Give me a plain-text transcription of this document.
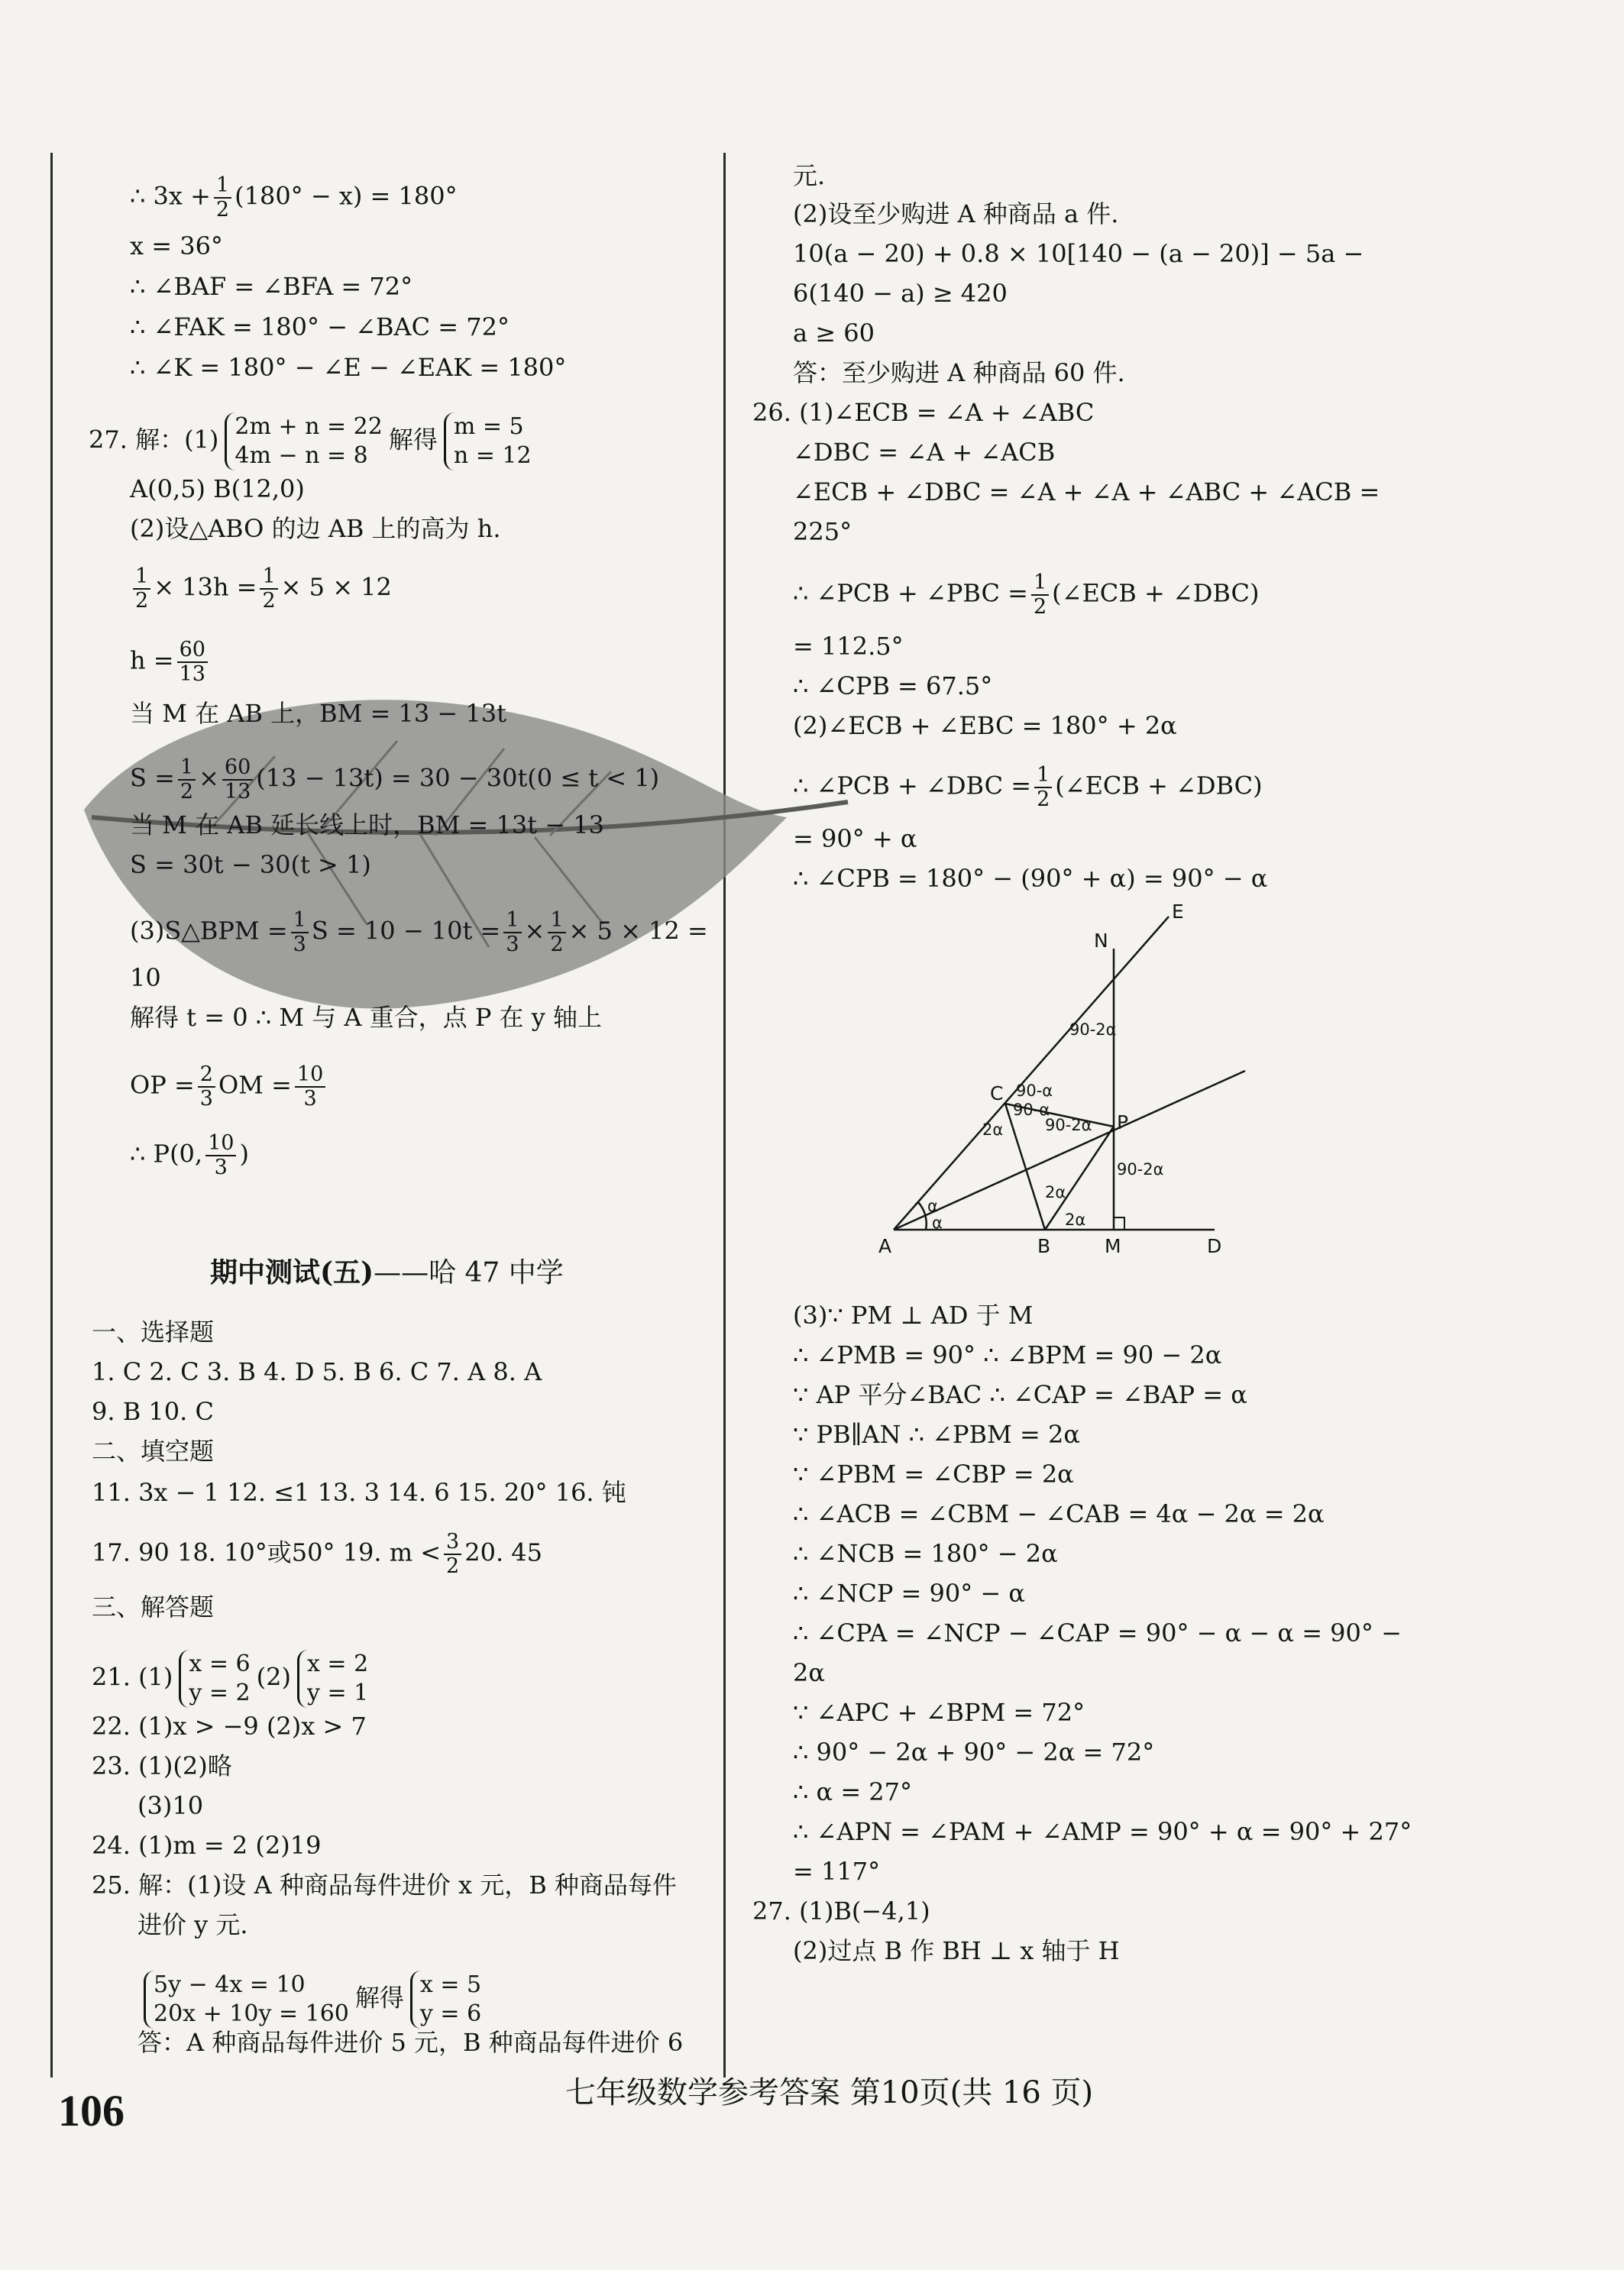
∴ $3x + \frac{1}{2} (180^\circ - x) = 180^\circ$
x = 36°
∴ ∠BAF = ∠BFA = 72°
∴ ∠FAK = 180° − ∠BAC = 72°
∴ ∠K = 180° − ∠E − ∠EAK = 180°
27. 解：(1) 2m + n = 22
4m − n = 8
解得 m = 5
n = 12
A(0,5) B(12,0)
(2)设△ABO 的边 AB 上的高为 h.
$\frac{1}{2} \times 13h = \frac{1}{2} \times 5 \times 12$
$h = \frac{60}{13}$
当 M 在 AB 上，BM = 13 − 13t
$S = \frac{1}{2} \times \frac{60}{13} (13 - 13t) = 30 - 30t(0 \le t < 1)$
当 M 在 AB 延长线上时，BM = 13t − 13
S = 30t − 30(t > 1)
(3)S△BPM = $\frac{1}{3}$ $S = 10 - 10t = \frac{1}{3} \times \frac{1}{2} \times 5 \times 12$ =
10
解得 t = 0 ∴ M 与 A 重合，点 P 在 y 轴上
OP = $\frac{2}{3}$ OM = $\frac{10}{3}$
∴ P(0, $\frac{10}{3}$ )
期中测试(五)——哈 47 中学
一、选择题
1. C 2. C 3. B 4. D 5. B 6. C 7. A 8. A
9. B 10. C
二、填空题
11. 3x − 1 12. ≤1 13. 3 14. 6 15. 20° 16. 钝
17. 90 18. 10°或50° 19. $m < \frac{3}{2} 20$. 45
三、解答题
21. (1) x = 6
y = 2
(2) x = 2
y = 1
22. (1)x > −9 (2)x > 7
23. (1)(2)略
(3)10
24. (1)m = 2 (2)19
25. 解：(1)设 A 种商品每件进价 x 元，B 种商品每件
进价 y 元.
5y − 4x = 10
20x + 10y = 160
解得 x = 5
y = 6
答：A 种商品每件进价 5 元，B 种商品每件进价 6
元.
(2)设至少购进 A 种商品 a 件.
10(a − 20) + 0.8 × 10[140 − (a − 20)] − 5a −
6(140 − a) ≥ 420
a ≥ 60
答：至少购进 A 种商品 60 件.
26. (1)∠ECB = ∠A + ∠ABC
∠DBC = ∠A + ∠ACB
∠ECB + ∠DBC = ∠A + ∠A + ∠ABC + ∠ACB =
225°
∴ ∠PCB + ∠PBC = $\frac{1}{2}$ (∠ECB + ∠DBC)
= 112.5°
∴ ∠CPB = 67.5°
(2)∠ECB + ∠EBC = 180° + 2α
∴ ∠PCB + ∠DBC = $\frac{1}{2}$ (∠ECB + ∠DBC)
= 90° + α
∴ ∠CPB = 180° − (90° + α) = 90° − α
E
N
C
P
A	B	M	D
90-2α
90-α
90-α
90-2α
90-2α
2α
2α
2α
α
α
(3)∵ PM ⊥ AD 于 M
∴ ∠PMB = 90° ∴ ∠BPM = 90 − 2α
∵ AP 平分∠BAC ∴ ∠CAP = ∠BAP = α
∵ PB∥AN ∴ ∠PBM = 2α
∵ ∠PBM = ∠CBP = 2α
∴ ∠ACB = ∠CBM − ∠CAB = 4α − 2α = 2α
∴ ∠NCB = 180° − 2α
∴ ∠NCP = 90° − α
∴ ∠CPA = ∠NCP − ∠CAP = 90° − α − α = 90° −
2α
∵ ∠APC + ∠BPM = 72°
∴ 90° − 2α + 90° − 2α = 72°
∴ α = 27°
∴ ∠APN = ∠PAM + ∠AMP = 90° + α = 90° + 27°
= 117°
27. (1)B(−4,1)
(2)过点 B 作 BH ⊥ x 轴于 H
106	七年级数学参考答案 第10页(共 16 页)
